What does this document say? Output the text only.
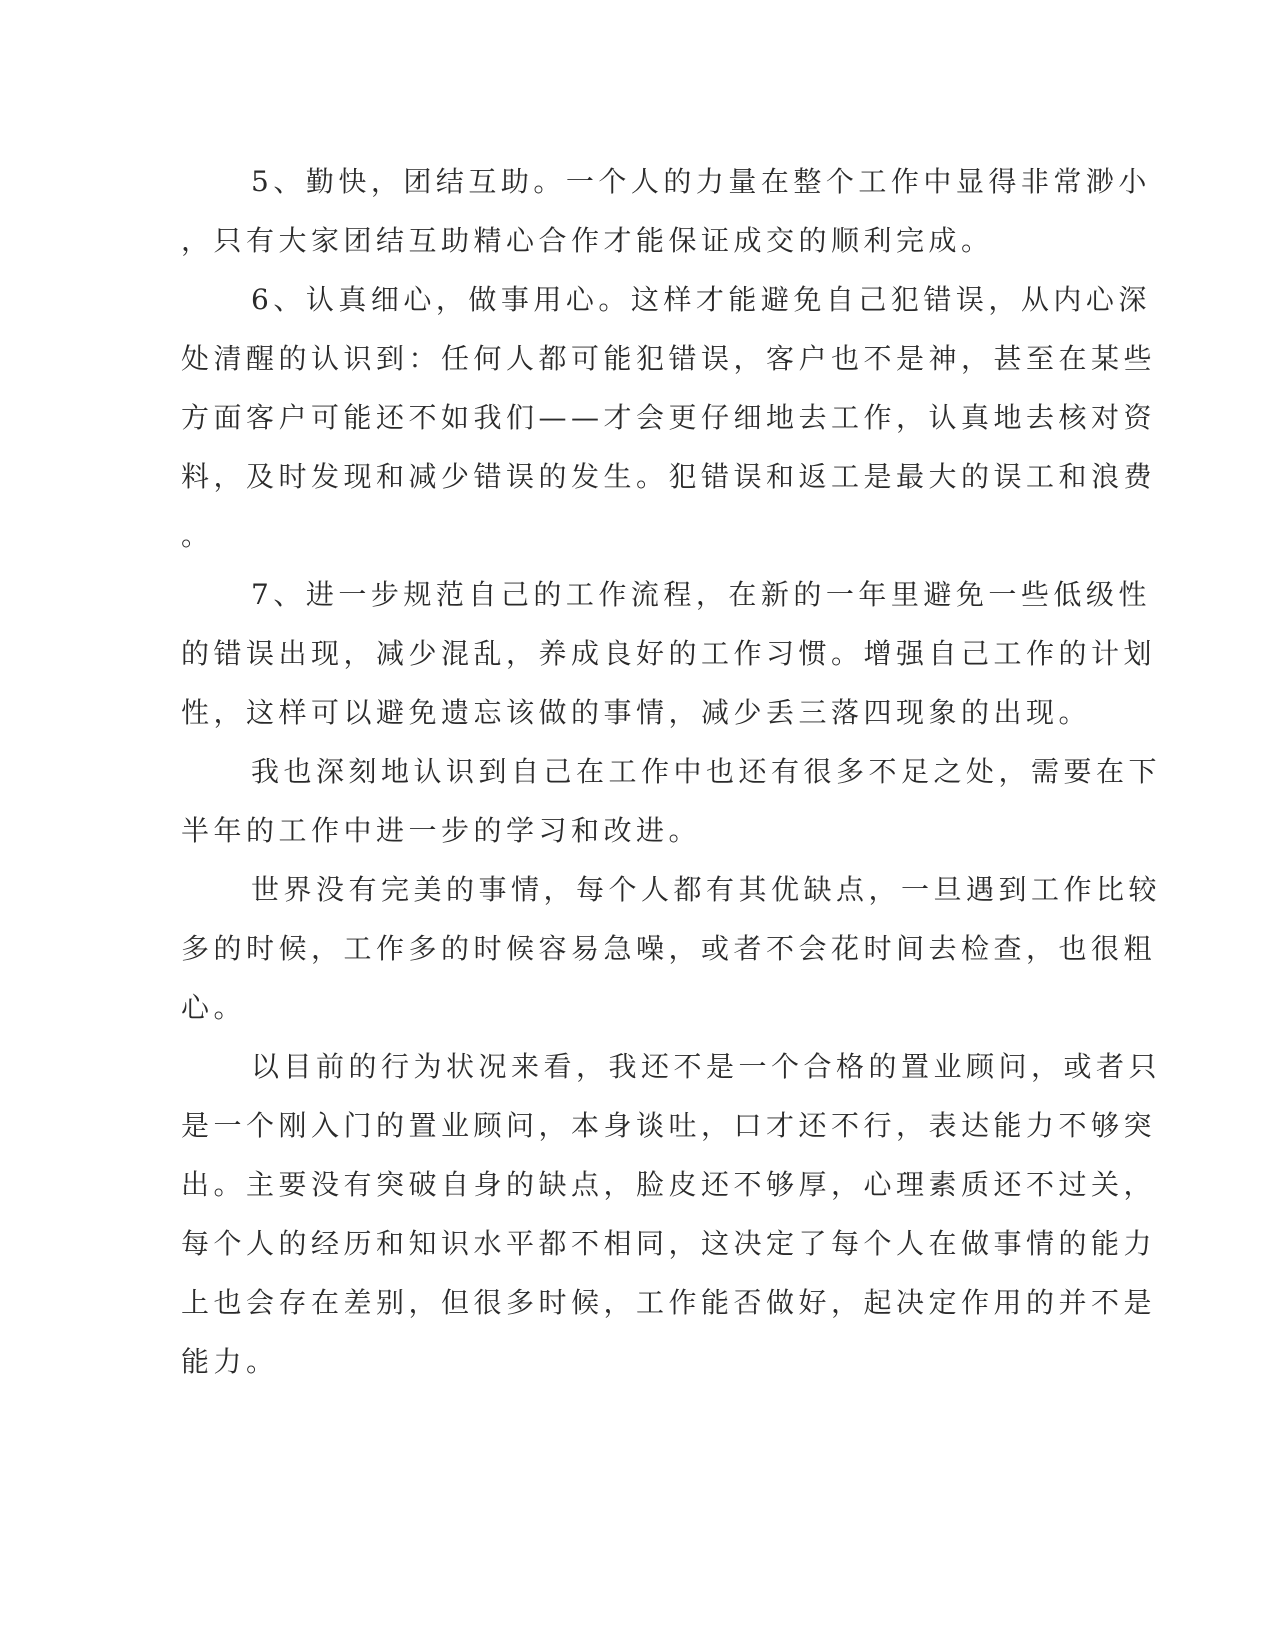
5、勤快，团结互助。一个人的力量在整个工作中显得非常渺小
，只有大家团结互助精心合作才能保证成交的顺利完成。
6、认真细心，做事用心。这样才能避免自己犯错误，从内心深
处清醒的认识到：任何人都可能犯错误，客户也不是神，甚至在某些
方面客户可能还不如我们——才会更仔细地去工作，认真地去核对资
料，及时发现和减少错误的发生。犯错误和返工是最大的误工和浪费
。
7、进一步规范自己的工作流程，在新的一年里避免一些低级性
的错误出现，减少混乱，养成良好的工作习惯。增强自己工作的计划
性，这样可以避免遗忘该做的事情，减少丢三落四现象的出现。
我也深刻地认识到自己在工作中也还有很多不足之处，需要在下
半年的工作中进一步的学习和改进。
世界没有完美的事情，每个人都有其优缺点，一旦遇到工作比较
多的时候，工作多的时候容易急噪，或者不会花时间去检查，也很粗
心。
以目前的行为状况来看，我还不是一个合格的置业顾问，或者只
是一个刚入门的置业顾问，本身谈吐，口才还不行，表达能力不够突
出。主要没有突破自身的缺点，脸皮还不够厚，心理素质还不过关，
每个人的经历和知识水平都不相同，这决定了每个人在做事情的能力
上也会存在差别，但很多时候，工作能否做好，起决定作用的并不是
能力。
